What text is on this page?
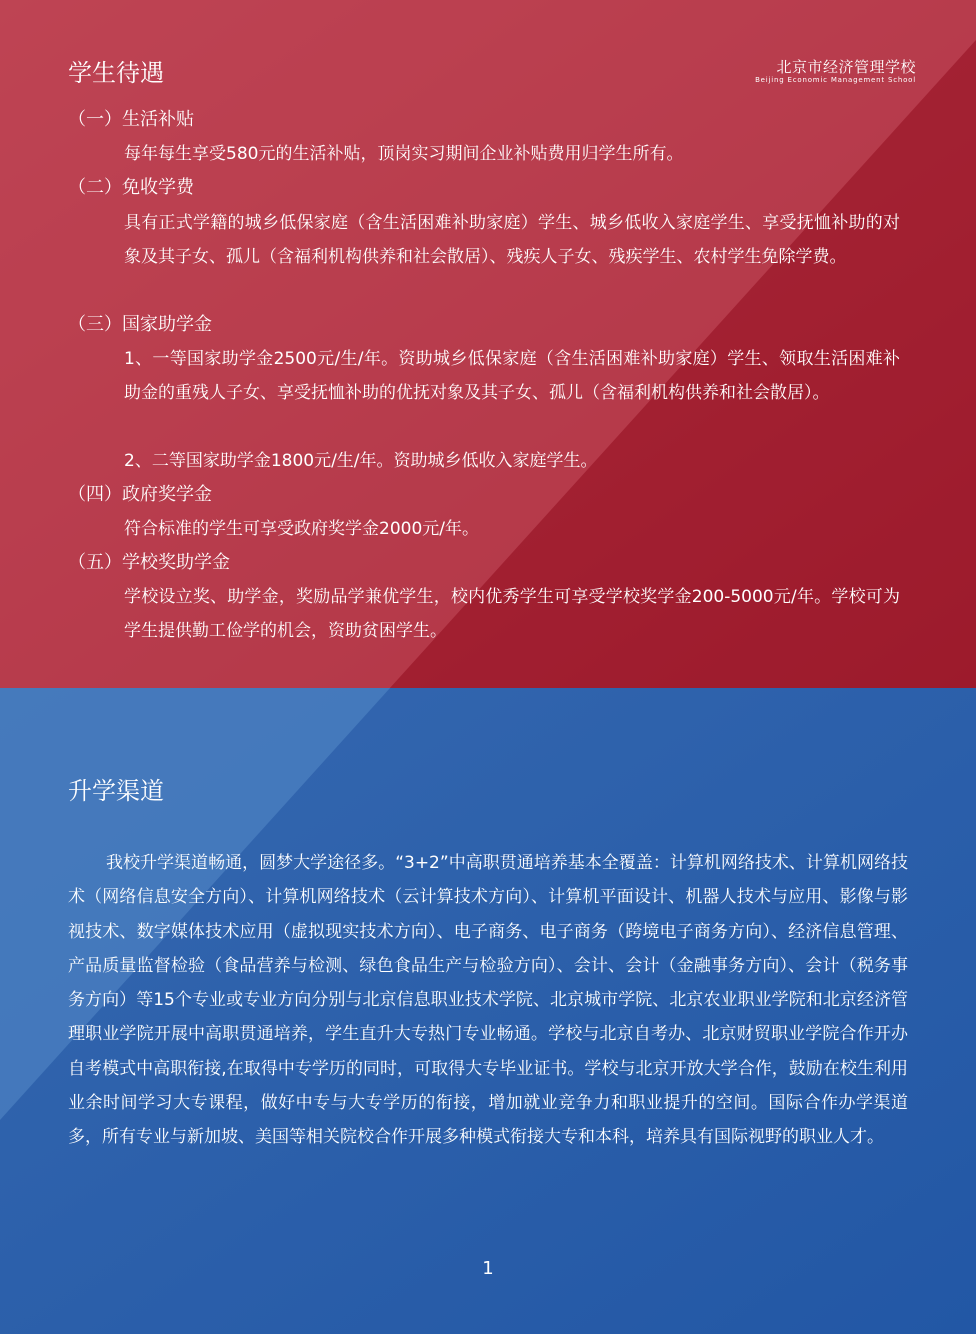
北京市经济管理学校
Beijing Economic Management School
学生待遇
（一）生活补贴
每年每生享受580元的生活补贴，顶岗实习期间企业补贴费用归学生所有。
（二）免收学费
具有正式学籍的城乡低保家庭（含生活困难补助家庭）学生、城乡低收入家庭学生、享受抚恤补助的对象及其子女、孤儿（含福利机构供养和社会散居）、残疾人子女、残疾学生、农村学生免除学费。
（三）国家助学金
1、一等国家助学金2500元/生/年。资助城乡低保家庭（含生活困难补助家庭）学生、领取生活困难补助金的重残人子女、享受抚恤补助的优抚对象及其子女、孤儿（含福利机构供养和社会散居）。
2、二等国家助学金1800元/生/年。资助城乡低收入家庭学生。
（四）政府奖学金
符合标准的学生可享受政府奖学金2000元/年。
（五）学校奖助学金
学校设立奖、助学金，奖励品学兼优学生，校内优秀学生可享受学校奖学金200-5000元/年。学校可为学生提供勤工俭学的机会，资助贫困学生。
升学渠道
我校升学渠道畅通，圆梦大学途径多。“3+2”中高职贯通培养基本全覆盖：计算机网络技术、计算机网络技术（网络信息安全方向）、计算机网络技术（云计算技术方向）、计算机平面设计、机器人技术与应用、影像与影视技术、数字媒体技术应用（虚拟现实技术方向）、电子商务、电子商务（跨境电子商务方向）、经济信息管理、产品质量监督检验（食品营养与检测、绿色食品生产与检验方向）、会计、会计（金融事务方向）、会计（税务事务方向）等15个专业或专业方向分别与北京信息职业技术学院、北京城市学院、北京农业职业学院和北京经济管理职业学院开展中高职贯通培养，学生直升大专热门专业畅通。学校与北京自考办、北京财贸职业学院合作开办自考模式中高职衔接,在取得中专学历的同时，可取得大专毕业证书。学校与北京开放大学合作，鼓励在校生利用业余时间学习大专课程，做好中专与大专学历的衔接，增加就业竞争力和职业提升的空间。国际合作办学渠道多，所有专业与新加坡、美国等相关院校合作开展多种模式衔接大专和本科，培养具有国际视野的职业人才。
1
